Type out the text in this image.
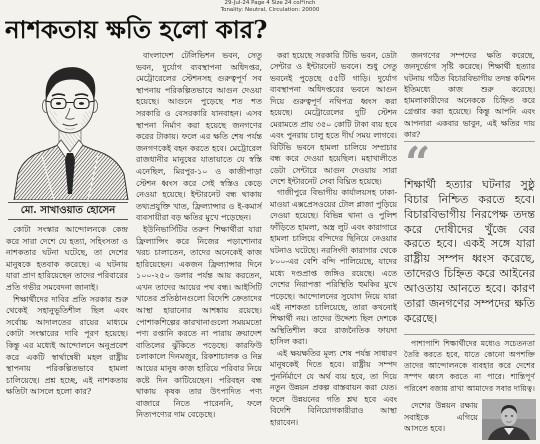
29-Jul-24 Page 4 Size 24 col*inch
Tonality: Neutral, Circulation: 20000
নাশকতায় ক্ষতি হলো কার?
মো. সাখাওয়াত হোসেন

কোটা সংস্কার আন্দোলনকে কেন্দ্র করে সারা দেশে যে হত্যা, সহিংসতা ও নাশকতার ঘটনা ঘটেছে, তা দেশের মানুষকে হতবাক করেছে। এ ঘটনায় যারা প্রাণ হারিয়েছেন তাদের পরিবারের প্রতি গভীর সমবেদনা জানাই।

শিক্ষার্থীদের দাবির প্রতি সরকার শুরু থেকেই সহানুভূতিশীল ছিল এবং সর্বোচ্চ আদালতের রায়ের মাধ্যমে কোটা সংস্কারের দাবি পূরণ হয়েছে। কিন্তু এর মধ্যেই আন্দোলনে অনুপ্রবেশ করে একটি স্বার্থান্বেষী মহল রাষ্ট্রীয় স্থাপনায় পরিকল্পিতভাবে হামলা চালিয়েছে। প্রশ্ন হচ্ছে, এই নাশকতায় ক্ষতিটা আসলে হলো কার?

বাংলাদেশ টেলিভিশন ভবন, সেতু ভবন, দুর্যোগ ব্যবস্থাপনা অধিদপ্তর, মেট্রোরেলের স্টেশনসহ গুরুত্বপূর্ণ সব স্থাপনায় পরিকল্পিতভাবে আগুন দেওয়া হয়েছে। আগুনে পুড়েছে শত শত সরকারি ও বেসরকারি যানবাহন। এসব স্থাপনা নির্মাণ করা হয়েছে জনগণের করের টাকায়। ফলে এর ক্ষতি শেষ পর্যন্ত জনগণকেই বহন করতে হবে। মেট্রোরেল রাজধানীর মানুষের যাতায়াতে যে স্বস্তি এনেছিল, মিরপুর-১০ ও কাজীপাড়া স্টেশন ধ্বংস করে সেই স্বস্তিও কেড়ে নেওয়া হয়েছে। ইন্টারনেট বন্ধ থাকায় তথ্যপ্রযুক্তি খাত, ফ্রিল্যান্সার ও ই-কমার্স ব্যবসায়ীরা বড় ক্ষতির মুখে পড়েছেন।

ইউনিভার্সিটির তরুণ শিক্ষার্থীরা যারা ফ্রিল্যান্সিং করে নিজের পড়াশোনার খরচ চালাতেন, তাদের অনেকেই কাজ হারিয়েছেন। একজন ফ্রিল্যান্সার দিনে ১০০-২৫০ ডলার পর্যন্ত আয় করতেন, এখন তাদের আয়ের পথ বন্ধ। আইসিটি খাতের প্রতিষ্ঠানগুলো বিদেশি ক্রেতাদের আস্থা হারানোর আশঙ্কায় রয়েছে। পোশাকশিল্পের কারখানাগুলো সময়মতো পণ্য রপ্তানি করতে না পারায় ক্রয়াদেশ বাতিলের ঝুঁকিতে পড়েছে। কারফিউ চলাকালে দিনমজুর, রিকশাচালক ও নিম্ন আয়ের মানুষ কাজ হারিয়ে পরিবার নিয়ে কষ্টে দিন কাটিয়েছেন। পরিবহন বন্ধ থাকায় কৃষক তার উৎপাদিত পণ্য বাজারে নিতে পারেননি, ফলে নিত্যপণ্যের দাম বেড়েছে।

করা হয়েছে সরকারি টিভি ভবন, ডেটা সেন্টার ও ইন্টারনেট ভবনে। শুধু সেতু ভবনেই পুড়েছে ৫৫টি গাড়ি। দুর্যোগ ব্যবস্থাপনা অধিদপ্তরের ভবনে আগুন দিয়ে গুরুত্বপূর্ণ নথিপত্র ধ্বংস করা হয়েছে। মেট্রোরেলের দুটি স্টেশন মেরামতে প্রায় ৩৫০ কোটি টাকা ব্যয় হবে এবং পুনরায় চালু হতে দীর্ঘ সময় লাগবে। বিটিভি ভবনে হামলা চালিয়ে সম্প্রচার বন্ধ করে দেওয়া হয়েছিল। মহাখালীতে ডেটা সেন্টারে আগুন দেওয়ায় সারা দেশে ইন্টারনেট সেবা বিঘ্নিত হয়েছে।

গাজীপুরে বিভাগীয় কার্যালয়সহ ঢাকা-মাওয়া এক্সপ্রেসওয়ের টোল প্লাজা পুড়িয়ে দেওয়া হয়েছে। বিভিন্ন থানা ও পুলিশ ফাঁড়িতে হামলা, অস্ত্র লুট এবং কারাগারে হামলা চালিয়ে বন্দিদের ছিনিয়ে নেওয়ার ঘটনাও ঘটেছে। নরসিংদী কারাগার থেকে ৮০০-এর বেশি বন্দি পালিয়েছে, যাদের মধ্যে দণ্ডপ্রাপ্ত জঙ্গিও রয়েছে। এতে দেশের নিরাপত্তা পরিস্থিতি হুমকির মুখে পড়েছে। আন্দোলনের সুযোগ নিয়ে যারা এই নাশকতা চালিয়েছে, তারা কখনোই শিক্ষার্থী নয়। তাদের উদ্দেশ্য ছিল দেশকে অস্থিতিশীল করে রাজনৈতিক ফায়দা হাসিল করা।

এই ক্ষয়ক্ষতির মূল্য শেষ পর্যন্ত সাধারণ মানুষকেই দিতে হবে। রাষ্ট্রীয় সম্পদ পুনর্নির্মাণে যে অর্থ ব্যয় হবে, তা দিয়ে নতুন উন্নয়ন প্রকল্প বাস্তবায়ন করা যেত। ফলে উন্নয়নের গতি শ্লথ হবে এবং বিদেশি বিনিয়োগকারীরাও আস্থা হারাবেন।

জনগণের সম্পদের ক্ষতি করেছে, জনদুর্ভোগ সৃষ্টি করেছে। শিক্ষার্থী হত্যার ঘটনায় গঠিত বিচারবিভাগীয় তদন্ত কমিশন ইতিমধ্যে কাজ শুরু করেছে। হামলাকারীদের অনেককে চিহ্নিত করে গ্রেপ্তার করা হয়েছে। কিন্তু আপনি এবং আপনারা একবার ভাবুন, এই ক্ষতির দায় কার?

“

শিক্ষার্থী হত্যার ঘটনার সুষ্ঠু বিচার নিশ্চিত করতে হবে। বিচারবিভাগীয় নিরপেক্ষ তদন্ত করে দোষীদের খুঁজে বের করতে হবে। একই সঙ্গে যারা রাষ্ট্রীয় সম্পদ ধ্বংস করেছে, তাদেরও চিহ্নিত করে আইনের আওতায় আনতে হবে। কারণ তারা জনগণের সম্পদের ক্ষতি করেছে।

পাশাপাশি শিক্ষার্থীদের মধ্যেও সচেতনতা তৈরি করতে হবে, যাতে কোনো অপশক্তি তাদের আন্দোলনকে ব্যবহার করে দেশের সম্পদ ধ্বংস করতে না পারে। শান্তিপূর্ণ পরিবেশ বজায় রাখা আমাদের সবার দায়িত্ব।

দেশের উন্নয়ন রক্ষায় সবাইকে এগিয়ে আসতে হবে।
